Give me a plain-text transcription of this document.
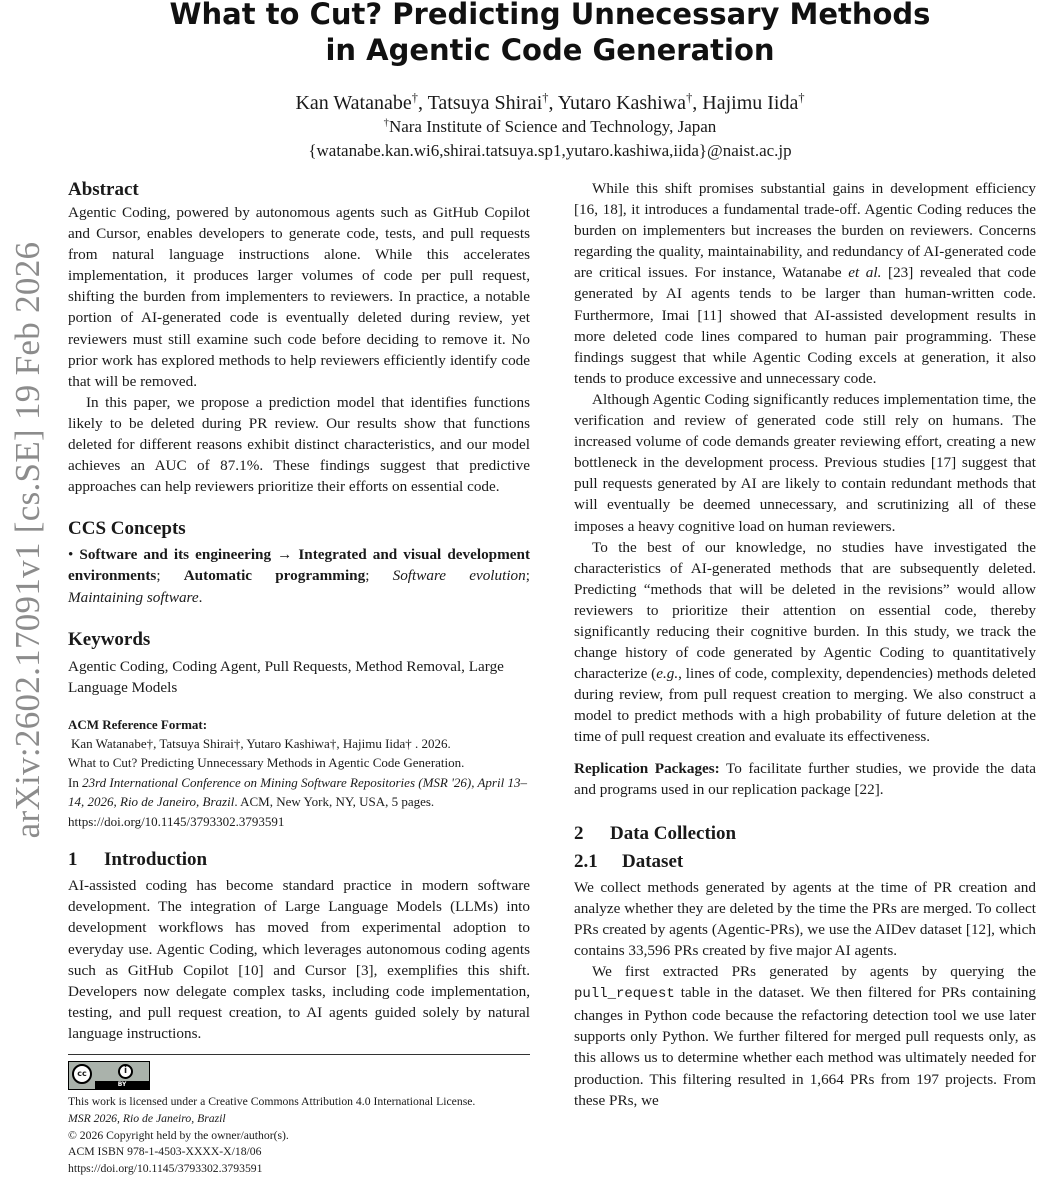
arXiv:2602.17091v1 [cs.SE] 19 Feb 2026
What to Cut? Predicting Unnecessary Methods
in Agentic Code Generation
Kan Watanabe†, Tatsuya Shirai†, Yutaro Kashiwa†, Hajimu Iida†
†Nara Institute of Science and Technology, Japan
{watanabe.kan.wi6,shirai.tatsuya.sp1,yutaro.kashiwa,iida}@naist.ac.jp
Abstract

Agentic Coding, powered by autonomous agents such as GitHub Copilot and Cursor, enables developers to generate code, tests, and pull requests from natural language instructions alone. While this accelerates implementation, it produces larger volumes of code per pull request, shifting the burden from implementers to reviewers. In practice, a notable portion of AI-generated code is eventually deleted during review, yet reviewers must still examine such code before deciding to remove it. No prior work has explored methods to help reviewers efficiently identify code that will be removed.

In this paper, we propose a prediction model that identifies functions likely to be deleted during PR review. Our results show that functions deleted for different reasons exhibit distinct characteristics, and our model achieves an AUC of 87.1%. These findings suggest that predictive approaches can help reviewers prioritize their efforts on essential code.

CCS Concepts

• Software and its engineering → Integrated and visual development environments; Automatic programming; Software evolution; Maintaining software.

Keywords

Agentic Coding, Coding Agent, Pull Requests, Method Removal, Large Language Models

ACM Reference Format:
Kan Watanabe†, Tatsuya Shirai†, Yutaro Kashiwa†, Hajimu Iida† . 2026.
What to Cut? Predicting Unnecessary Methods in Agentic Code Generation.
In 23rd International Conference on Mining Software Repositories (MSR '26), April 13–14, 2026, Rio de Janeiro, Brazil. ACM, New York, NY, USA, 5 pages.
https://doi.org/10.1145/3793302.3793591
1 Introduction

AI-assisted coding has become standard practice in modern software development. The integration of Large Language Models (LLMs) into development workflows has moved from experimental adoption to everyday use. Agentic Coding, which leverages autonomous coding agents such as GitHub Copilot [10] and Cursor [3], exemplifies this shift. Developers now delegate complex tasks, including code implementation, testing, and pull request creation, to AI agents guided solely by natural language instructions.

cc	i
BY
This work is licensed under a Creative Commons Attribution 4.0 International License.
MSR 2026, Rio de Janeiro, Brazil
© 2026 Copyright held by the owner/author(s).
ACM ISBN 978-1-4503-XXXX-X/18/06
https://doi.org/10.1145/3793302.3793591

While this shift promises substantial gains in development efficiency [16, 18], it introduces a fundamental trade-off. Agentic Coding reduces the burden on implementers but increases the burden on reviewers. Concerns regarding the quality, maintainability, and redundancy of AI-generated code are critical issues. For instance, Watanabe et al. [23] revealed that code generated by AI agents tends to be larger than human-written code. Furthermore, Imai [11] showed that AI-assisted development results in more deleted code lines compared to human pair programming. These findings suggest that while Agentic Coding excels at generation, it also tends to produce excessive and unnecessary code.

Although Agentic Coding significantly reduces implementation time, the verification and review of generated code still rely on humans. The increased volume of code demands greater reviewing effort, creating a new bottleneck in the development process. Previous studies [17] suggest that pull requests generated by AI are likely to contain redundant methods that will eventually be deemed unnecessary, and scrutinizing all of these imposes a heavy cognitive load on human reviewers.

To the best of our knowledge, no studies have investigated the characteristics of AI-generated methods that are subsequently deleted. Predicting “methods that will be deleted in the revisions” would allow reviewers to prioritize their attention on essential code, thereby significantly reducing their cognitive burden. In this study, we track the change history of code generated by Agentic Coding to quantitatively characterize (e.g., lines of code, complexity, dependencies) methods deleted during review, from pull request creation to merging. We also construct a model to predict methods with a high probability of future deletion at the time of pull request creation and evaluate its effectiveness.

Replication Packages: To facilitate further studies, we provide the data and programs used in our replication package [22].

2 Data Collection
2.1 Dataset

We collect methods generated by agents at the time of PR creation and analyze whether they are deleted by the time the PRs are merged. To collect PRs created by agents (Agentic-PRs), we use the AIDev dataset [12], which contains 33,596 PRs created by five major AI agents.

We first extracted PRs generated by agents by querying the pull_request table in the dataset. We then filtered for PRs containing changes in Python code because the refactoring detection tool we use later supports only Python. We further filtered for merged pull requests only, as this allows us to determine whether each method was ultimately needed for production. This filtering resulted in 1,664 PRs from 197 projects. From these PRs, we
